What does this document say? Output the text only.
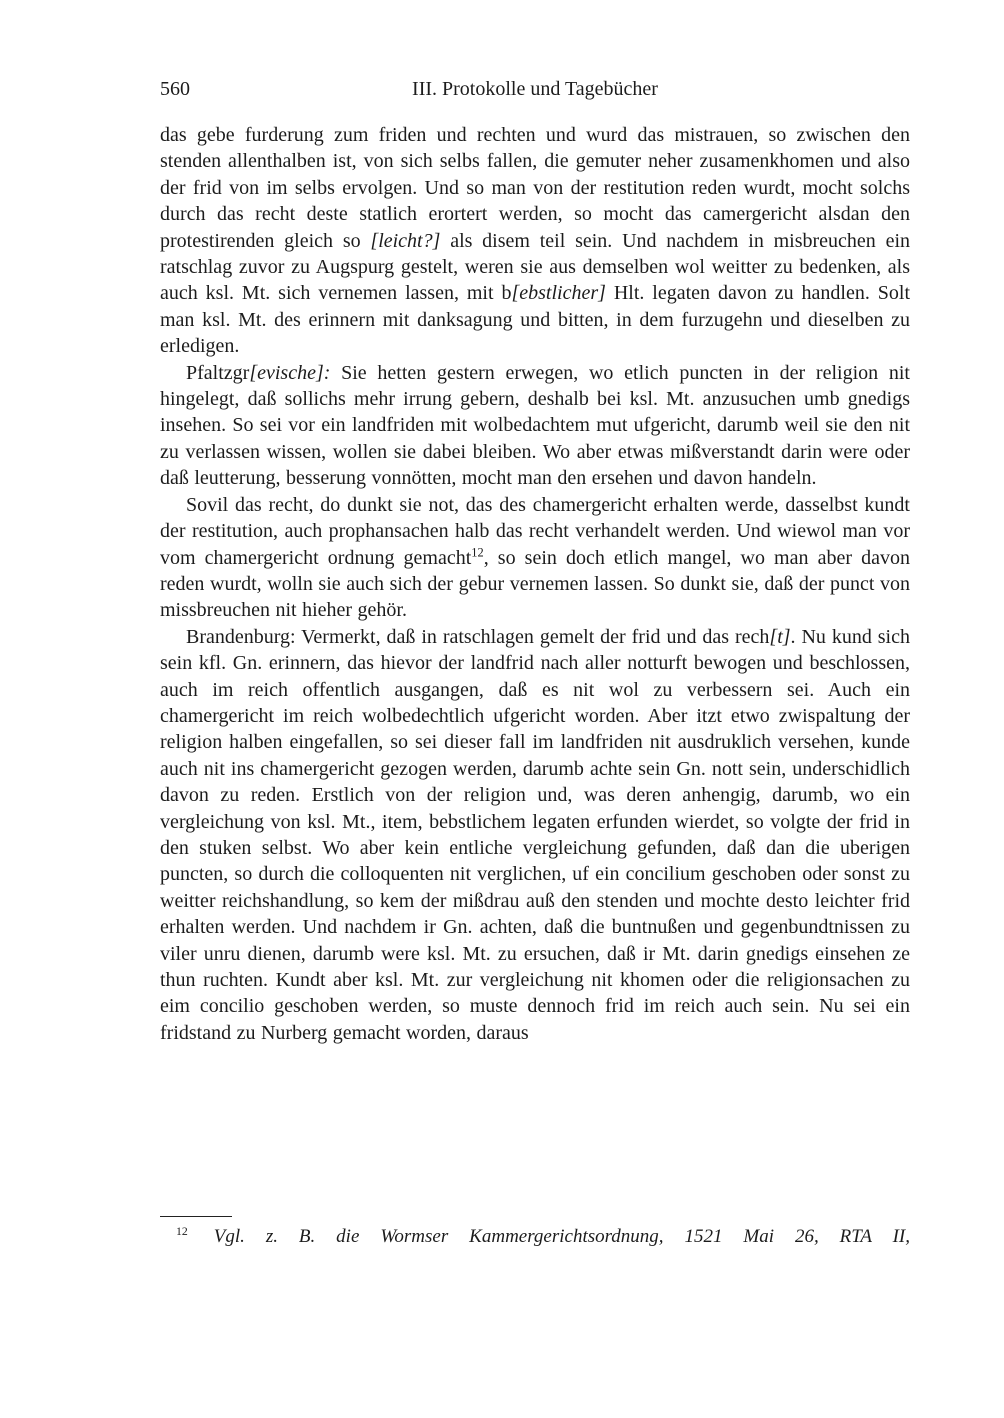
560	III. Protokolle und Tagebücher

das gebe furderung zum friden und rechten und wurd das mistrauen, so zwischen den stenden allenthalben ist, von sich selbs fallen, die gemuter neher zusamenkhomen und also der frid von im selbs ervolgen. Und so man von der restitution reden wurdt, mocht solchs durch das recht deste statlich erortert werden, so mocht das camergericht alsdan den protestirenden gleich so [leicht?] als disem teil sein. Und nachdem in misbreuchen ein ratschlag zuvor zu Augspurg gestelt, weren sie aus demselben wol weitter zu bedenken, als auch ksl. Mt. sich vernemen lassen, mit b[ebstlicher] Hlt. legaten davon zu handlen. Solt man ksl. Mt. des erinnern mit danksagung und bitten, in dem furzugehn und dieselben zu erledigen.

Pfaltzgr[evische]: Sie hetten gestern erwegen, wo etlich puncten in der religion nit hingelegt, daß sollichs mehr irrung gebern, deshalb bei ksl. Mt. anzusuchen umb gnedigs insehen. So sei vor ein landfriden mit wolbedachtem mut ufgericht, darumb weil sie den nit zu verlassen wissen, wollen sie dabei bleiben. Wo aber etwas mißverstandt darin were oder daß leutterung, besserung vonnötten, mocht man den ersehen und davon handeln.

Sovil das recht, do dunkt sie not, das des chamergericht erhalten werde, dasselbst kundt der restitution, auch prophansachen halb das recht verhandelt werden. Und wiewol man vor vom chamergericht ordnung gemacht$^{12}$, so sein doch etlich mangel, wo man aber davon reden wurdt, wolln sie auch sich der gebur vernemen lassen. So dunkt sie, daß der punct von missbreuchen nit hieher gehör.

Brandenburg: Vermerkt, daß in ratschlagen gemelt der frid und das rech[t]. Nu kund sich sein kfl. Gn. erinnern, das hievor der landfrid nach aller notturft bewogen und beschlossen, auch im reich offentlich ausgangen, daß es nit wol zu verbessern sei. Auch ein chamergericht im reich wolbedechtlich ufgericht worden. Aber itzt etwo zwispaltung der religion halben eingefallen, so sei dieser fall im landfriden nit ausdruklich versehen, kunde auch nit ins chamergericht gezogen werden, darumb achte sein Gn. nott sein, underschidlich davon zu reden. Erstlich von der religion und, was deren anhengig, darumb, wo ein vergleichung von ksl. Mt., item, bebstlichem legaten erfunden wierdet, so volgte der frid in den stuken selbst. Wo aber kein entliche vergleichung gefunden, daß dan die uberigen puncten, so durch die colloquenten nit verglichen, uf ein concilium geschoben oder sonst zu weitter reichshandlung, so kem der mißdrau auß den stenden und mochte desto leichter frid erhalten werden. Und nachdem ir Gn. achten, daß die buntnußen und gegenbundtnissen zu viler unru dienen, darumb were ksl. Mt. zu ersuchen, daß ir Mt. darin gnedigs einsehen ze thun ruchten. Kundt aber ksl. Mt. zur vergleichung nit khomen oder die religionsachen zu eim concilio geschoben werden, so muste dennoch frid im reich auch sein. Nu sei ein fridstand zu Nurberg gemacht worden, daraus

$^{12}$ Vgl. z. B. die Wormser Kammergerichtsordnung, 1521 Mai 26, RTA II,
